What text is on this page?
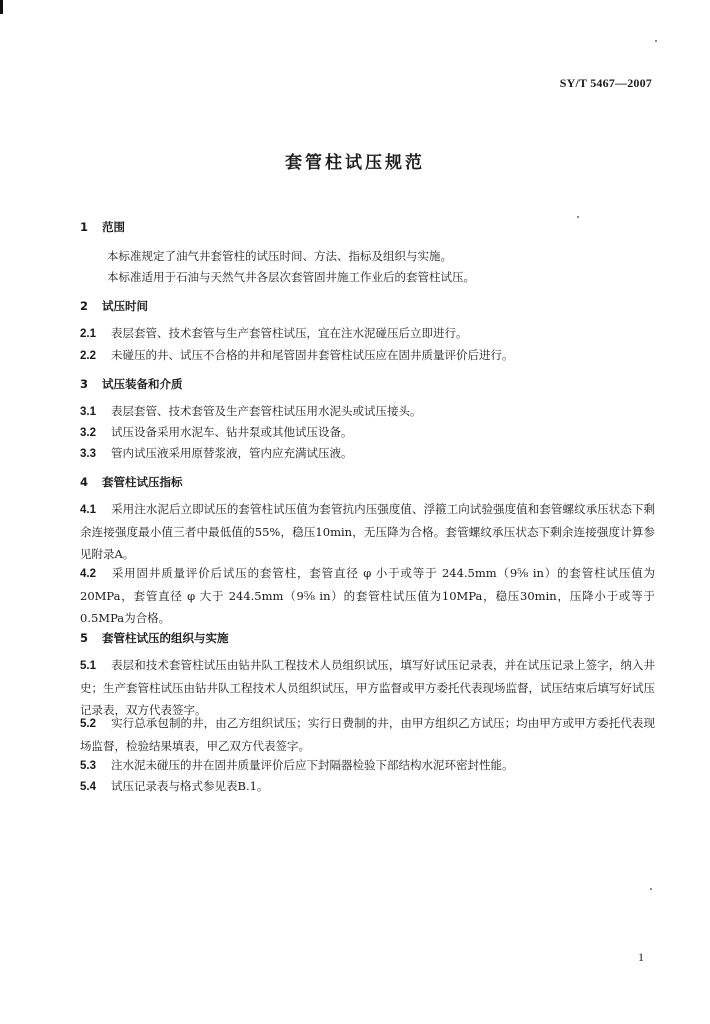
SY/T 5467—2007
套管柱试压规范
1 范围
本标准规定了油气井套管柱的试压时间、方法、指标及组织与实施。
本标准适用于石油与天然气井各层次套管固井施工作业后的套管柱试压。
2 试压时间
2.1 表层套管、技术套管与生产套管柱试压，宜在注水泥碰压后立即进行。
2.2 未碰压的井、试压不合格的井和尾管固井套管柱试压应在固井质量评价后进行。
3 试压装备和介质
3.1 表层套管、技术套管及生产套管柱试压用水泥头或试压接头。
3.2 试压设备采用水泥车、钻井泵或其他试压设备。
3.3 管内试压液采用原替浆液，管内应充满试压液。
4 套管柱试压指标
4.1 采用注水泥后立即试压的套管柱试压值为套管抗内压强度值、浮箍工向试验强度值和套管螺纹承压状态下剩余连接强度最小值三者中最低值的55%，稳压10min，无压降为合格。套管螺纹承压状态下剩余连接强度计算参见附录A。
4.2 采用固井质量评价后试压的套管柱，套管直径 φ 小于或等于 244.5mm（9⅝ in）的套管柱试压值为20MPa，套管直径 φ 大于 244.5mm（9⅝ in）的套管柱试压值为10MPa，稳压30min，压降小于或等于0.5MPa为合格。
5 套管柱试压的组织与实施
5.1 表层和技术套管柱试压由钻井队工程技术人员组织试压，填写好试压记录表，并在试压记录上签字，纳入井史；生产套管柱试压由钻井队工程技术人员组织试压，甲方监督或甲方委托代表现场监督，试压结束后填写好试压记录表，双方代表签字。
5.2 实行总承包制的井，由乙方组织试压；实行日费制的井，由甲方组织乙方试压；均由甲方或甲方委托代表现场监督，检验结果填表，甲乙双方代表签字。
5.3 注水泥未碰压的井在固井质量评价后应下封隔器检验下部结构水泥环密封性能。
5.4 试压记录表与格式参见表B.1。
1
